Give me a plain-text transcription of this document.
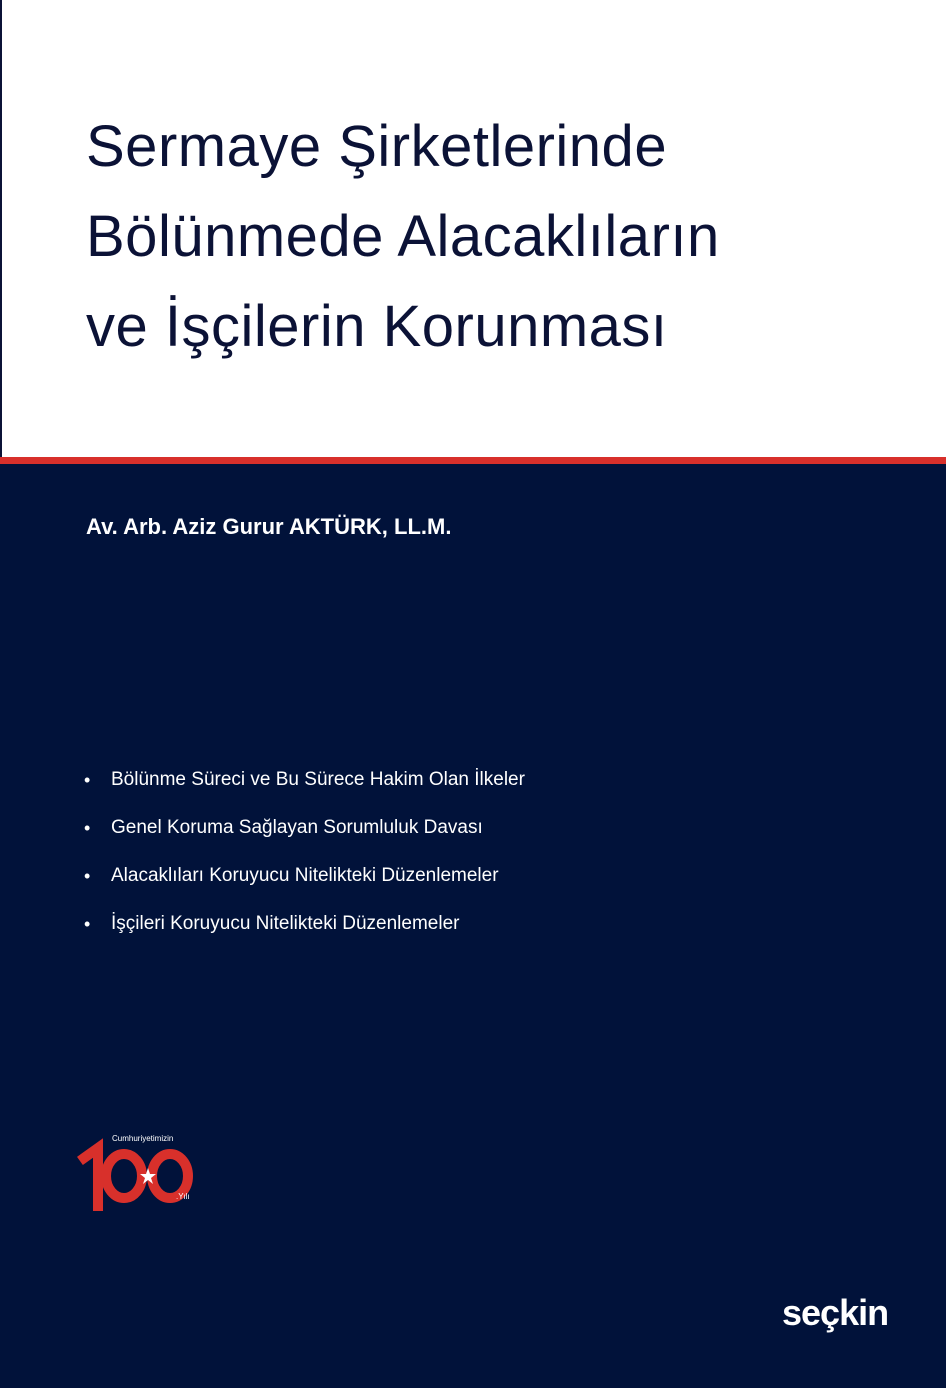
Sermaye Şirketlerinde
Bölünmede Alacaklıların
ve İşçilerin Korunması
Av. Arb. Aziz Gurur AKTÜRK, LL.M.
• Bölünme Süreci ve Bu Sürece Hakim Olan İlkeler
• Genel Koruma Sağlayan Sorumluluk Davası
• Alacaklıları Koruyucu Nitelikteki Düzenlemeler
• İşçileri Koruyucu Nitelikteki Düzenlemeler
Cumhuriyetimizin
.Yılı
seçkin
